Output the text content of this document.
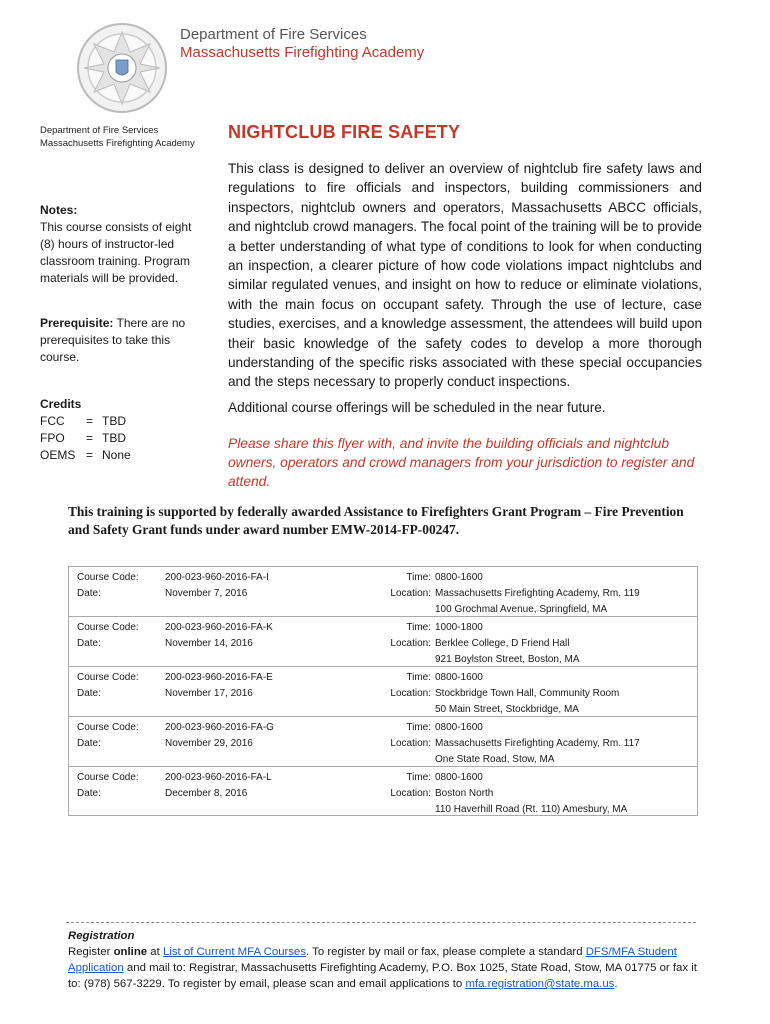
Department of Fire Services
Massachusetts Firefighting Academy
Department of Fire Services
Massachusetts Firefighting Academy
Notes:
This course consists of eight (8) hours of instructor-led classroom training. Program materials will be provided.
Prerequisite: There are no prerequisites to take this course.
Credits
FCC	= TBD
FPO	= TBD
OEMS = None
NIGHTCLUB FIRE SAFETY
This class is designed to deliver an overview of nightclub fire safety laws and regulations to fire officials and inspectors, building commissioners and inspectors, nightclub owners and operators, Massachusetts ABCC officials, and nightclub crowd managers. The focal point of the training will be to provide a better understanding of what type of conditions to look for when conducting an inspection, a clearer picture of how code violations impact nightclubs and similar regulated venues, and insight on how to reduce or eliminate violations, with the main focus on occupant safety. Through the use of lecture, case studies, exercises, and a knowledge assessment, the attendees will build upon their basic knowledge of the safety codes to develop a more thorough understanding of the specific risks associated with these special occupancies and the steps necessary to properly conduct inspections.
Additional course offerings will be scheduled in the near future.
Please share this flyer with, and invite the building officials and nightclub owners, operators and crowd managers from your jurisdiction to register and attend.
This training is supported by federally awarded Assistance to Firefighters Grant Program – Fire Prevention and Safety Grant funds under award number EMW-2014-FP-00247.
Course Code:	200-023-960-2016-FA-I	Time: 0800-1600
Date:	November 7, 2016	Location: Massachusetts Firefighting Academy, Rm. 119
100 Grochmal Avenue, Springfield, MA
Course Code:	200-023-960-2016-FA-K	Time: 1000-1800
Date:	November 14, 2016	Location: Berklee College, D Friend Hall
921 Boylston Street, Boston, MA
Course Code:	200-023-960-2016-FA-E	Time: 0800-1600
Date:	November 17, 2016	Location: Stockbridge Town Hall, Community Room
50 Main Street, Stockbridge, MA
Course Code:	200-023-960-2016-FA-G	Time: 0800-1600
Date:	November 29, 2016	Location: Massachusetts Firefighting Academy, Rm. 117
One State Road, Stow, MA
Course Code:	200-023-960-2016-FA-L	Time: 0800-1600
Date:	December 8, 2016	Location: Boston North
110 Haverhill Road (Rt. 110) Amesbury, MA
Registration
Register online at List of Current MFA Courses. To register by mail or fax, please complete a standard DFS/MFA Student Application and mail to: Registrar, Massachusetts Firefighting Academy, P.O. Box 1025, State Road, Stow, MA 01775 or fax it to: (978) 567-3229. To register by email, please scan and email applications to mfa.registration@state.ma.us.
